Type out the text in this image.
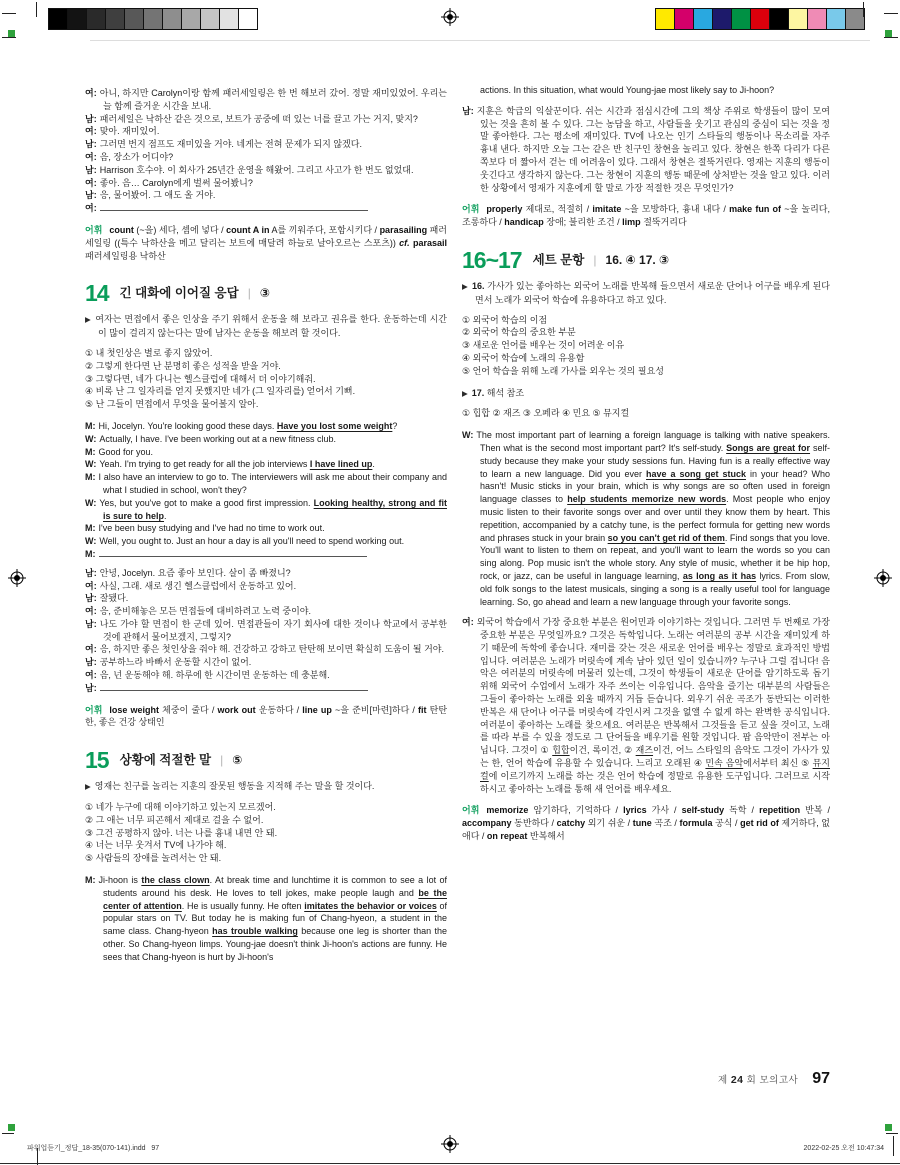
여: 아니, 하지만 Carolyn이랑 함께 패러세일링은 한 번 해보러 갔어. 정말 재미있었어. 우리는 늘 함께 즐거운 시간을 보내.
남: 패러세일은 낙하산 같은 것으로, 보트가 공중에 떠 있는 너를 끌고 가는 거지, 맞지?
여: 맞아. 재미있어.
남: 그러면 번지 점프도 재미있을 거야. 네게는 전혀 문제가 되지 않겠다.
여: 음, 장소가 어디야?
남: Harrison 호수야. 이 회사가 25년간 운영을 해왔어. 그리고 사고가 한 번도 없었대.
여: 좋아. 음… Carolyn에게 벌써 물어봤니?
남: 응, 물어봤어. 그 애도 올 거야.
여:
어휘 count (~을) 세다, 셈에 넣다 / count A in A를 끼워주다, 포함시키다 / parasailing 패러세일링 ((특수 낙하산을 메고 달리는 보트에 매달려 하늘로 날아오르는 스포츠)) cf. parasail 패러세일링용 낙하산
14 긴 대화에 이어질 응답 | ③
▶ 여자는 면접에서 좋은 인상을 주기 위해서 운동을 해 보라고 권유를 한다. 운동하는데 시간이 많이 걸리지 않는다는 말에 남자는 운동을 해보려 할 것이다.
① 내 첫인상은 별로 좋지 않았어.
② 그렇게 한다면 난 분명히 좋은 성적을 받을 거야.
③ 그렇다면, 네가 다니는 헬스클럽에 대해서 더 이야기해줘.
④ 비록 난 그 일자리를 얻지 못했지만 네가 (그 일자리를) 얻어서 기뻐.
⑤ 난 그들이 면접에서 무엇을 물어볼지 알아.
M: Hi, Jocelyn. You're looking good these days. Have you lost some weight?
W: Actually, I have. I've been working out at a new fitness club.
M: Good for you.
W: Yeah. I'm trying to get ready for all the job interviews I have lined up.
M: I also have an interview to go to. The interviewers will ask me about their company and what I studied in school, won't they?
W: Yes, but you've got to make a good first impression. Looking healthy, strong and fit is sure to help.
M: I've been busy studying and I've had no time to work out.
W: Well, you ought to. Just an hour a day is all you'll need to spend working out.
M:
남: 안녕, Jocelyn. 요즘 좋아 보인다. 살이 좀 빠졌니?
여: 사실, 그래. 새로 생긴 헬스클럽에서 운동하고 있어.
남: 잘됐다.
여: 응, 준비해놓은 모든 면접들에 대비하려고 노력 중이야.
남: 나도 가야 할 면접이 한 군데 있어. 면접관들이 자기 회사에 대한 것이나 학교에서 공부한 것에 관해서 물어보겠지, 그렇지?
여: 응, 하지만 좋은 첫인상을 줘야 해. 건강하고 강하고 탄탄해 보이면 확실히 도움이 될 거야.
남: 공부하느라 바빠서 운동할 시간이 없어.
여: 음, 넌 운동해야 해. 하루에 한 시간이면 운동하는 데 충분해.
남:
어휘 lose weight 체중이 줄다 / work out 운동하다 / line up ~을 준비[마련]하다 / fit 탄탄한, 좋은 건강 상태인
15 상황에 적절한 말 | ⑤
▶ 영재는 친구를 놀리는 지훈의 잘못된 행동을 지적해 주는 말을 할 것이다.
① 네가 누구에 대해 이야기하고 있는지 모르겠어.
② 그 애는 너무 피곤해서 제대로 걸을 수 없어.
③ 그건 공평하지 않아. 너는 나를 흉내 내면 안 돼.
④ 너는 너무 웃겨서 TV에 나가야 해.
⑤ 사람들의 장애를 놀려서는 안 돼.
M: Ji-hoon is the class clown. At break time and lunchtime it is common to see a lot of students around his desk. He loves to tell jokes, make people laugh and be the center of attention. He is usually funny. He often imitates the behavior or voices of popular stars on TV. But today he is making fun of Chang-hyeon, a student in the same class. Chang-hyeon has trouble walking because one leg is shorter than the other. So Chang-hyeon limps. Young-jae doesn't think Ji-hoon's actions are funny. He sees that Chang-hyeon is hurt by Ji-hoon's
actions. In this situation, what would Young-jae most likely say to Ji-hoon?
남: 지훈은 학급의 익살꾼이다. 쉬는 시간과 점심시간에 그의 책상 주위로 학생들이 많이 모여 있는 것을 흔히 볼 수 있다. 그는 농담을 하고, 사람들을 웃기고 관심의 중심이 되는 것을 정말 좋아한다. 그는 평소에 재미있다. TV에 나오는 인기 스타들의 행동이나 목소리를 자주 흉내 낸다. 하지만 오늘 그는 같은 반 친구인 창현을 놀리고 있다. 창현은 한쪽 다리가 다른 쪽보다 더 짧아서 걷는 데 어려움이 있다. 그래서 창현은 절뚝거린다. 영재는 지훈의 행동이 웃긴다고 생각하지 않는다. 그는 창현이 지훈의 행동 때문에 상처받는 것을 알고 있다. 이러한 상황에서 영재가 지훈에게 할 말로 가장 적절한 것은 무엇인가?
어휘 properly 제대로, 적절히 / imitate ~을 모방하다, 흉내 내다 / make fun of ~을 놀리다, 조롱하다 / handicap 장애; 불리한 조건 / limp 절뚝거리다
16~17 세트 문항 | 16. ④ 17. ③
▶ 16. 가사가 있는 좋아하는 외국어 노래를 반복해 들으면서 새로운 단어나 어구를 배우게 된다면서 노래가 외국어 학습에 유용하다고 하고 있다.
① 외국어 학습의 이점
② 외국어 학습의 중요한 부분
③ 새로운 언어를 배우는 것이 어려운 이유
④ 외국어 학습에 노래의 유용함
⑤ 언어 학습을 위해 노래 가사를 외우는 것의 필요성
▶ 17. 해석 참조
① 힙합 ② 재즈 ③ 오페라 ④ 민요 ⑤ 뮤지컬
W: The most important part of learning a foreign language is talking with native speakers. Then what is the second most important part? It's self-study. Songs are great for self-study because they make your study sessions fun. Having fun is a really effective way to learn a new language. Did you ever have a song get stuck in your head? Who hasn't! Music sticks in your brain, which is why songs are so often used in foreign language classes to help students memorize new words. Most people who enjoy music listen to their favorite songs over and over until they know them by heart. This repetition, accompanied by a catchy tune, is the perfect formula for getting new words and phrases stuck in your brain so you can't get rid of them. Find songs that you love. You'll want to listen to them on repeat, and you'll want to learn the words so you can sing along. Pop music isn't the whole story. Any style of music, whether it be hip hop, rock, or jazz, can be useful in language learning, as long as it has lyrics. From slow, old folk songs to the latest musicals, singing a song is a really useful tool for language learning. So, go ahead and learn a new language through your favorite songs.
여: 외국어 학습에서 가장 중요한 부분은 원어민과 이야기하는 것입니다. 그러면 두 번째로 가장 중요한 부분은 무엇일까요? 그것은 독학입니다. 노래는 여러분의 공부 시간을 재미있게 하기 때문에 독학에 좋습니다. 재미를 갖는 것은 새로운 언어를 배우는 정말로 효과적인 방법입니다. 여러분은 노래가 머릿속에 계속 남아 있던 일이 있습니까? 누구나 그럴 겁니다! 음악은 여러분의 머릿속에 머물러 있는데, 그것이 학생들이 새로운 단어를 암기하도록 돕기 위해 외국어 수업에서 노래가 자주 쓰이는 이유입니다. 음악을 즐기는 대부분의 사람들은 그들이 좋아하는 노래를 외울 때까지 거듭 듣습니다. 외우기 쉬운 곡조가 동반되는 이러한 반복은 새 단어나 어구를 머릿속에 각인시켜 그것을 없앨 수 없게 하는 완벽한 공식입니다. 여러분이 좋아하는 노래를 찾으세요. 여러분은 반복해서 그것들을 듣고 싶을 것이고, 노래를 따라 부를 수 있을 정도로 그 단어들을 배우기를 원할 것입니다. 팝 음악만이 전부는 아닙니다. 그것이 ① 힙합이건, 록이건, ② 재즈이건, 어느 스타일의 음악도 그것이 가사가 있는 한, 언어 학습에 유용할 수 있습니다. 느리고 오래된 ④ 민속 음악에서부터 최신 ⑤ 뮤지컬에 이르기까지 노래를 하는 것은 언어 학습에 정말로 유용한 도구입니다. 그러므로 시작하시고 좋아하는 노래를 통해 새 언어를 배우세요.
어휘 memorize 암기하다, 기억하다 / lyrics 가사 / self-study 독학 / repetition 반복 / accompany 동반하다 / catchy 외기 쉬운 / tune 곡조 / formula 공식 / get rid of 제거하다, 없애다 / on repeat 반복해서
제 24 회 모의고사 97
파워업듣기_정답_18-35(070-141).indd 97	2022-02-25 오전 10:47:34
